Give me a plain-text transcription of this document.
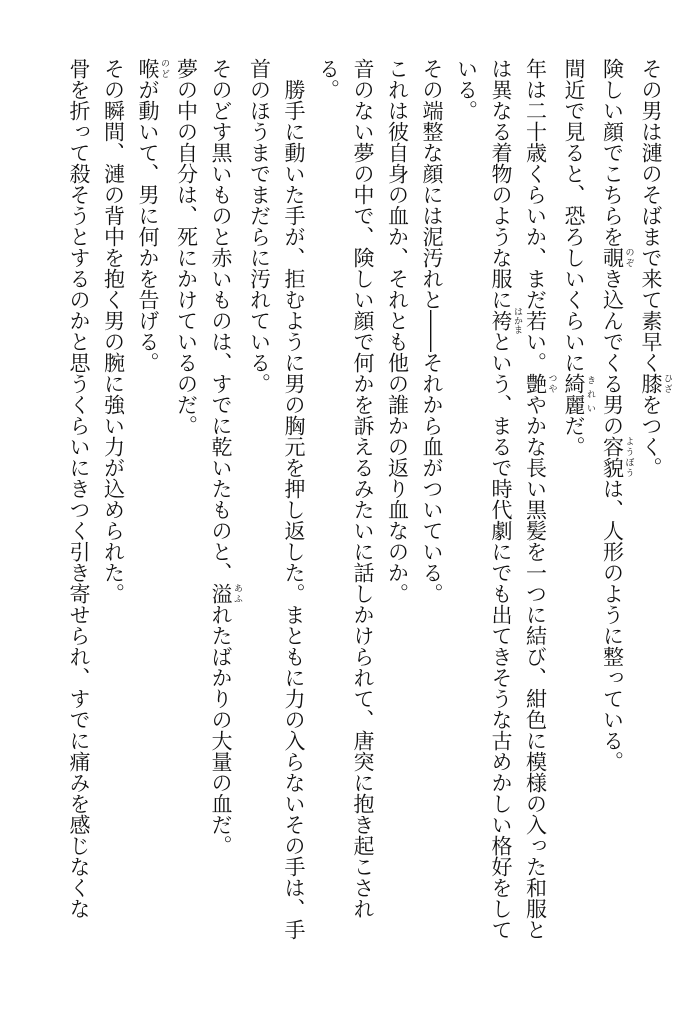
その男は漣のそばまで来て素早く膝 ひざをつく。

険しい顔でこちらを覗 のぞき込んでくる男の容貌 ようぼうは、人形のように整っている。

間近で見ると、恐ろしいくらいに綺麗 きれいだ。

年は二十歳くらいか、まだ若い。艶 つややかな長い黒髪を一つに結び、紺色に模様の入った和服とは異なる着物のような服に袴 はかまという、まるで時代劇にでも出てきそうな古めかしい格好をしている。

その端整な顔には泥汚れと――それから血がついている。

これは彼自身の血か、それとも他の誰かの返り血なのか。

音のない夢の中で、険しい顔で何かを訴えるみたいに話しかけられて、唐突に抱き起こされる。

勝手に動いた手が、拒むように男の胸元を押し返した。まともに力の入らないその手は、手首のほうまでまだらに汚れている。

そのどす黒いものと赤いものは、すでに乾いたものと、溢 あふれたばかりの大量の血だ。

夢の中の自分は、死にかけているのだ。

喉 のどが動いて、男に何かを告げる。

その瞬間、漣の背中を抱く男の腕に強い力が込められた。

骨を折って殺そうとするのかと思うくらいにきつく引き寄せられ、すでに痛みを感じなくな
